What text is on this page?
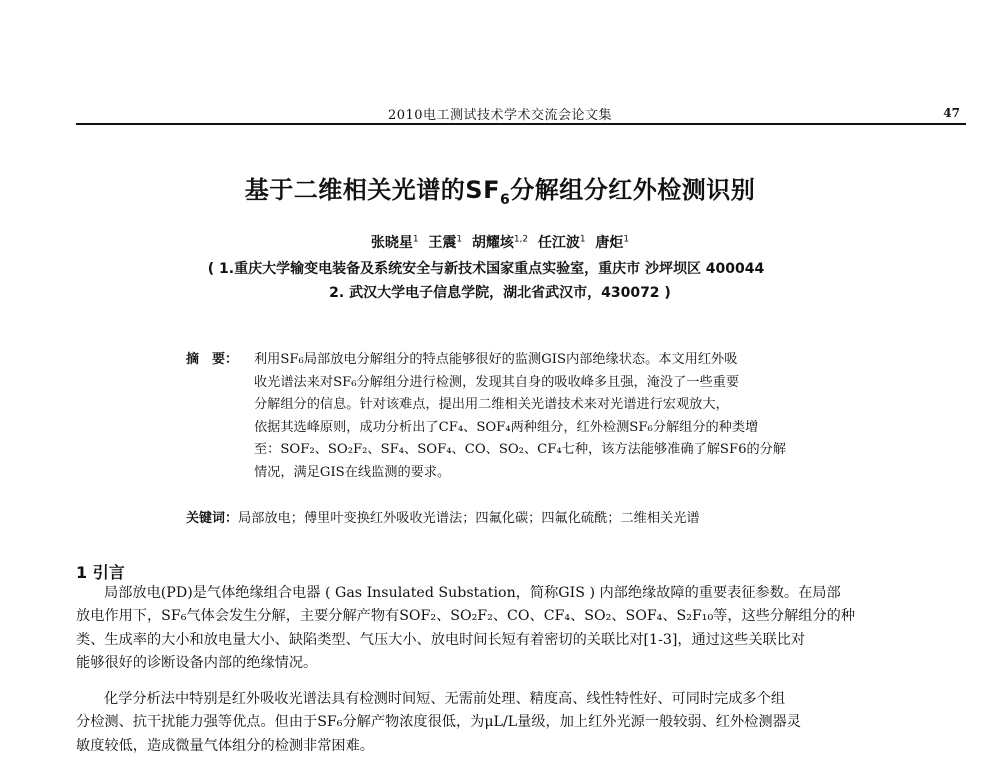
2010电工测试技术学术交流会论文集	47
基于二维相关光谱的$SF_6$分解组分红外检测识别
张晓星$^1$ 王震$^1$ 胡耀垓$^{1,2}$ 任江波$^1$ 唐炬$^1$
( 1.重庆大学输变电装备及系统安全与新技术国家重点实验室，重庆市 沙坪坝区 400044
2. 武汉大学电子信息学院，湖北省武汉市，430072 )
摘　要：	利用SF₆局部放电分解组分的特点能够很好的监测GIS内部绝缘状态。本文用红外吸
收光谱法来对SF₆分解组分进行检测，发现其自身的吸收峰多且强，淹没了一些重要
分解组分的信息。针对该难点，提出用二维相关光谱技术来对光谱进行宏观放大，
依据其选峰原则，成功分析出了CF₄、SOF₄两种组分，红外检测SF₆分解组分的种类增
至：SOF₂、SO₂F₂、SF₄、SOF₄、CO、SO₂、CF₄七种，该方法能够准确了解SF6的分解
情况，满足GIS在线监测的要求。
关键词：局部放电；傅里叶变换红外吸收光谱法；四氟化碳；四氟化硫酰；二维相关光谱
1 引言
局部放电(PD)是气体绝缘组合电器 ( Gas Insulated Substation，简称GIS ) 内部绝缘故障的重要表征参数。在局部
放电作用下，SF₆气体会发生分解，主要分解产物有SOF₂、SO₂F₂、CO、CF₄、SO₂、SOF₄、S₂F₁₀等，这些分解组分的种
类、生成率的大小和放电量大小、缺陷类型、气压大小、放电时间长短有着密切的关联比对[1-3]，通过这些关联比对
能够很好的诊断设备内部的绝缘情况。
化学分析法中特别是红外吸收光谱法具有检测时间短、无需前处理、精度高、线性特性好、可同时完成多个组
分检测、抗干扰能力强等优点。但由于SF₆分解产物浓度很低，为μL/L量级，加上红外光源一般较弱、红外检测器灵
敏度较低，造成微量气体组分的检测非常困难。
